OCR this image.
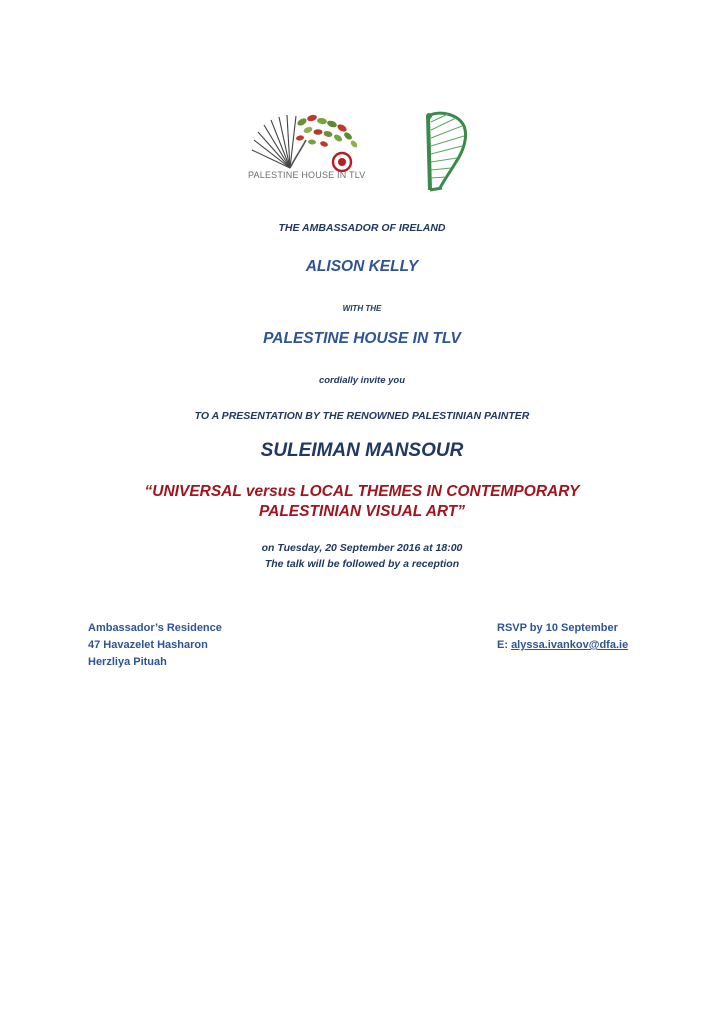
PALESTINE HOUSE IN TLV
THE AMBASSADOR OF IRELAND
ALISON KELLY
WITH THE
PALESTINE HOUSE IN TLV
cordially invite you
TO A PRESENTATION BY THE RENOWNED PALESTINIAN PAINTER
SULEIMAN MANSOUR
“UNIVERSAL versus LOCAL THEMES IN CONTEMPORARY
PALESTINIAN VISUAL ART”
on Tuesday, 20 September 2016 at 18:00
The talk will be followed by a reception
Ambassador’s Residence
47 Havazelet Hasharon
Herzliya Pituah
RSVP by 10 September
E: alyssa.ivankov@dfa.ie
